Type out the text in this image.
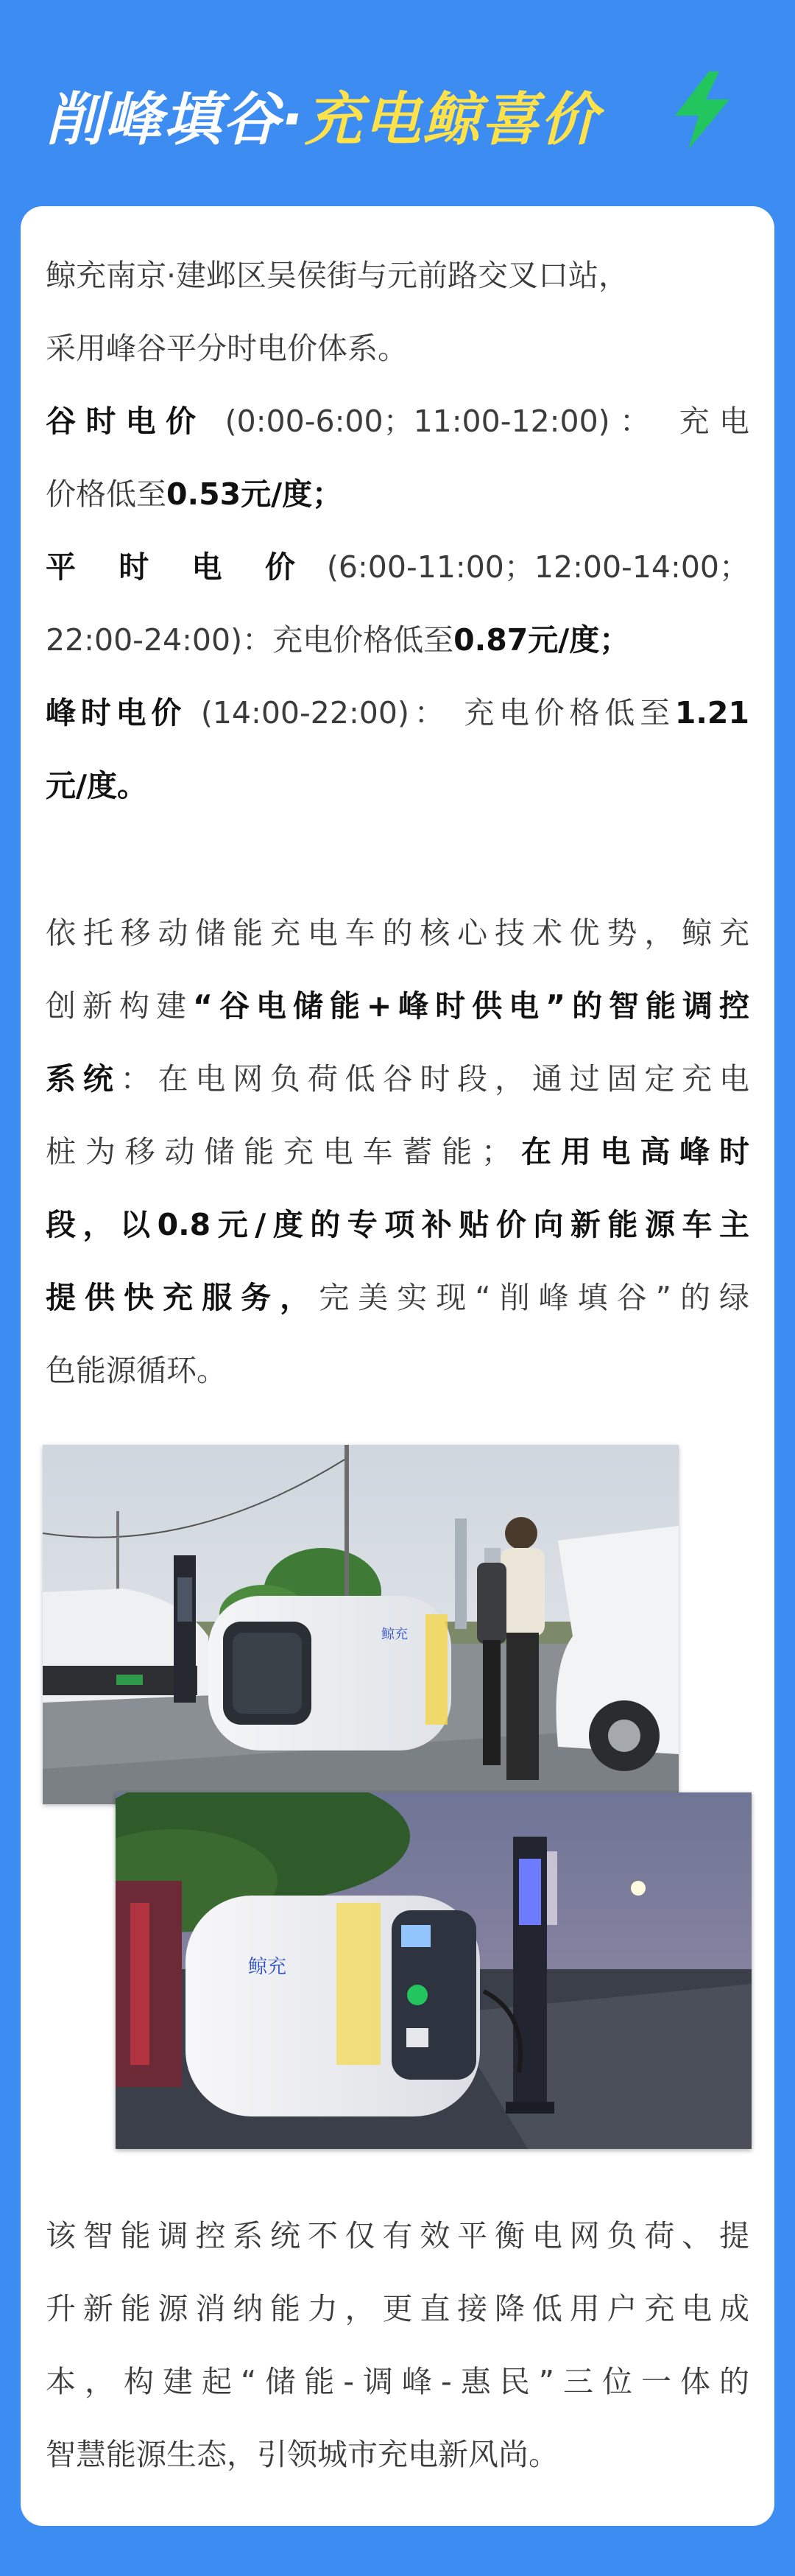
削峰填谷·充电鲸喜价
鲸充南京·建邺区吴侯街与元前路交叉口站，
采用峰谷平分时电价体系。
谷时电价 (0:00-6:00；11:00-12:00)： 充电
价格低至0.53元/度；
平 时 电 价 (6:00-11:00；12:00-14:00；
22:00-24:00)：充电价格低至0.87元/度；
峰时电价 (14:00-22:00)： 充电价格低至1.21
元/度。
依托移动储能充电车的核心技术优势，鲸充
创新构建“谷电储能+峰时供电”的智能调控
系统：在电网负荷低谷时段，通过固定充电
桩为移动储能充电车蓄能；在用电高峰时
段，以0.8元/度的专项补贴价向新能源车主
提供快充服务，完美实现“削峰填谷”的绿
色能源循环。
鲸充
鲸充
该智能调控系统不仅有效平衡电网负荷、提
升新能源消纳能力，更直接降低用户充电成
本，构建起“储能-调峰-惠民”三位一体的
智慧能源生态，引领城市充电新风尚。
